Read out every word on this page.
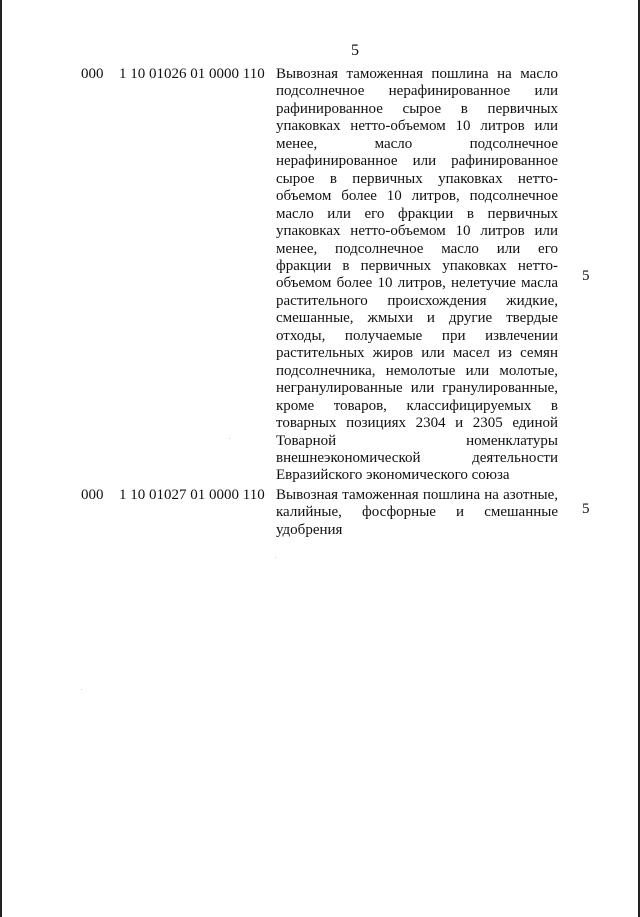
5
000 1 10 01026 01 0000 110 Вывозная таможенная пошлина на масло подсолнечное нерафинированное или рафинированное сырое в первичных упаковках нетто-объемом 10 литров или менее, масло подсолнечное нерафинированное или рафинированное сырое в первичных упаковках нетто-объемом более 10 литров, подсолнечное масло или его фракции в первичных упаковках нетто-объемом 10 литров или менее, подсолнечное масло или его фракции в первичных упаковках нетто-объемом более 10 литров, нелетучие масла растительного происхождения жидкие, смешанные, жмыхи и другие твердые отходы, получаемые при извлечении растительных жиров или масел из семян подсолнечника, немолотые или молотые, негранулированные или гранулированные, кроме товаров, классифицируемых в товарных позициях 2304 и 2305 единой Товарной номенклатуры внешнеэкономической деятельности Евразийского экономического союза
5
000 1 10 01027 01 0000 110 Вывозная таможенная пошлина на азотные, калийные, фосфорные и смешанные удобрения
5
